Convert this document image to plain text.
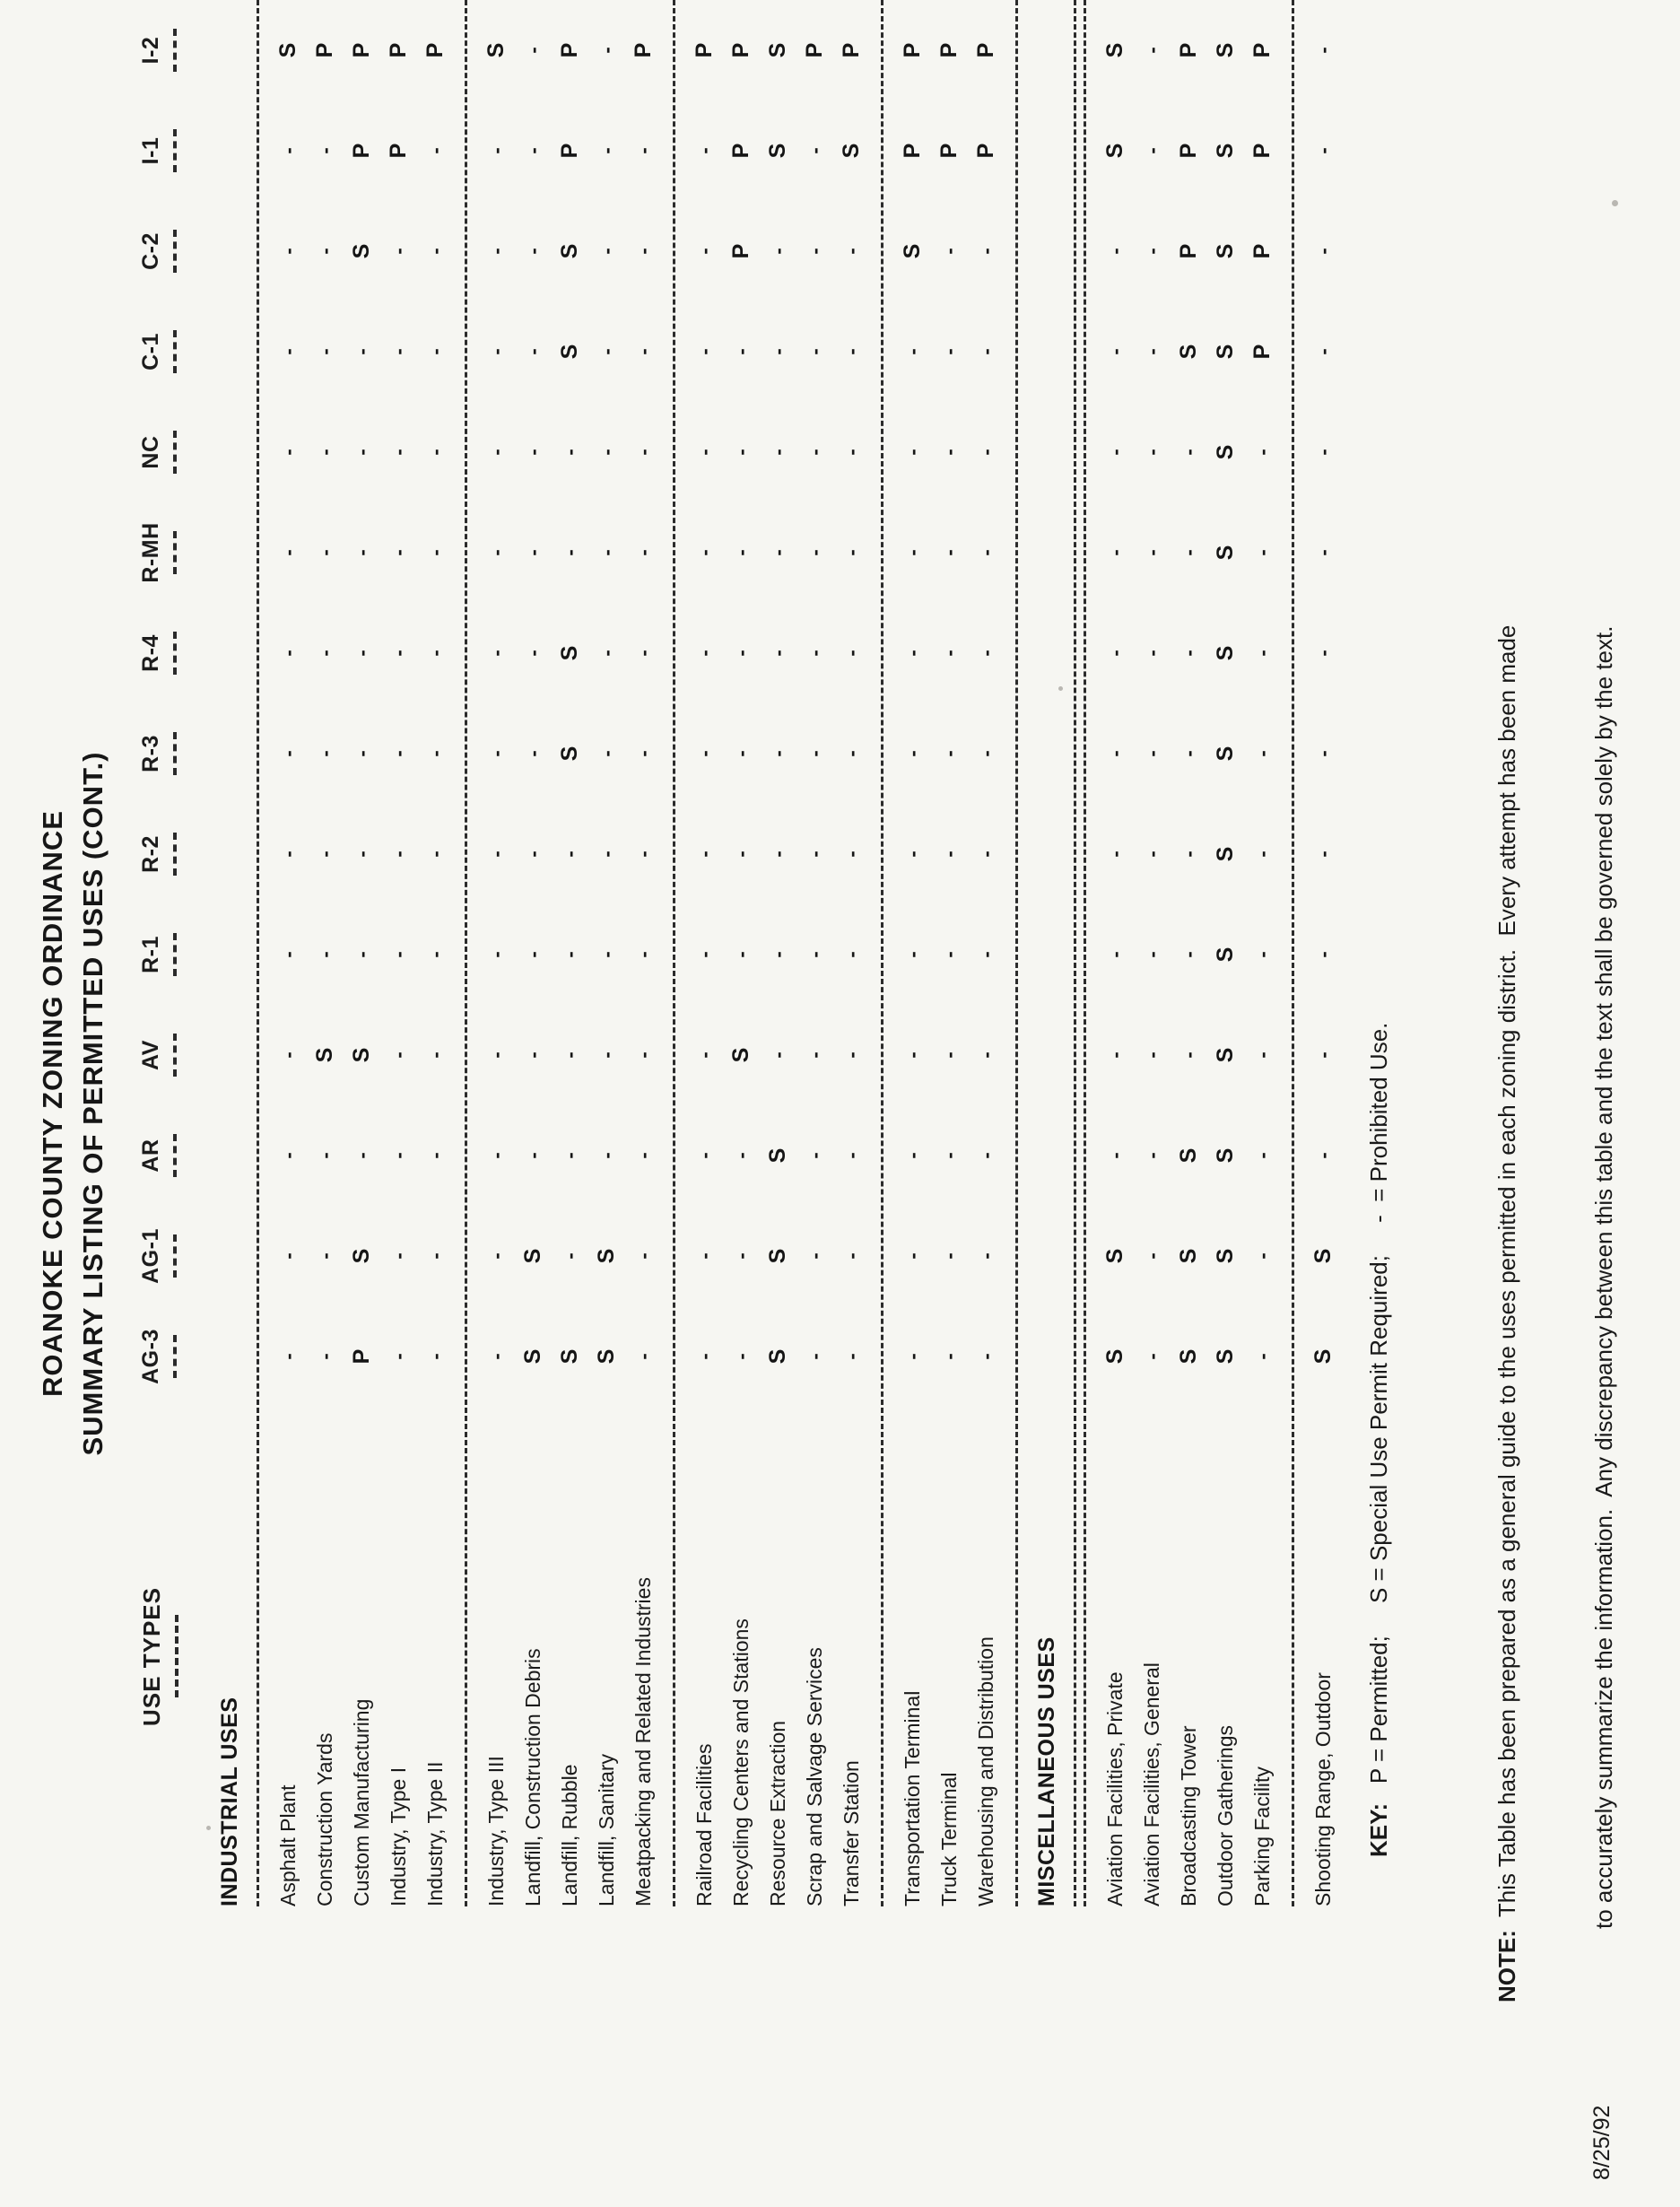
ROANOKE COUNTY ZONING ORDINANCE SUMMARY LISTING OF PERMITTED USES (CONT.)
USE TYPES
AG-3
AG-1
AR
AV
R-1
R-2
R-3
R-4
R-MH
NC
C-1
C-2
I-1
I-2
INDUSTRIAL USES Asphalt Plant
-
-
-
-
-
-
-
-
-
-
-
-
-
S
Construction Yards
-
-
-
S
-
-
-
-
-
-
-
-
-
P
Custom Manufacturing
P
S
-
S
-
-
-
-
-
-
-
S
P
P
Industry, Type I
-
-
-
-
-
-
-
-
-
-
-
-
P
P
Industry, Type II
-
-
-
-
-
-
-
-
-
-
-
-
-
P
Industry, Type III
-
-
-
-
-
-
-
-
-
-
-
-
-
S
Landfill, Construction Debris
S
S
-
-
-
-
-
-
-
-
-
-
-
-
Landfill, Rubble
S
-
-
-
-
-
S
S
-
-
S
S
P
P
Landfill, Sanitary
S
S
-
-
-
-
-
-
-
-
-
-
-
-
Meatpacking and Related Industries
-
-
-
-
-
-
-
-
-
-
-
-
-
P
Railroad Facilities
-
-
-
-
-
-
-
-
-
-
-
-
-
P
Recycling Centers and Stations
-
-
-
S
-
-
-
-
-
-
-
P
P
P
Resource Extraction
S
S
S
-
-
-
-
-
-
-
-
-
S
S
Scrap and Salvage Services
-
-
-
-
-
-
-
-
-
-
-
-
-
P
Transfer Station
-
-
-
-
-
-
-
-
-
-
-
-
S
P
Transportation Terminal
-
-
-
-
-
-
-
-
-
-
-
S
P
P
Truck Terminal
-
-
-
-
-
-
-
-
-
-
-
-
P
P
Warehousing and Distribution
-
-
-
-
-
-
-
-
-
-
-
-
P
P
MISCELLANEOUS USES Aviation Facilities, Private
S
S
-
-
-
-
-
-
-
-
-
-
S
S
Aviation Facilities, General
-
-
-
-
-
-
-
-
-
-
-
-
-
-
Broadcasting Tower
S
S
S
-
-
-
-
-
-
-
S
P
P
P
Outdoor Gatherings
S
S
S
S
S
S
S
S
S
S
S
S
S
S
Parking Facility
-
-
-
-
-
-
-
-
-
-
P
P
P
P
Shooting Range, Outdoor
S
S
-
-
-
-
-
-
-
-
-
-
-
-
KEY:   P = Permitted;     S = Special Use Permit Required;     -  = Prohibited Use.

NOTE:  This Table has been prepared as a general guide to the uses permitted in each zoning district.  Every attempt has been made

	to accurately summarize the information.  Any discrepancy between this table and the text shall be governed solely by the text.

8/25/92
